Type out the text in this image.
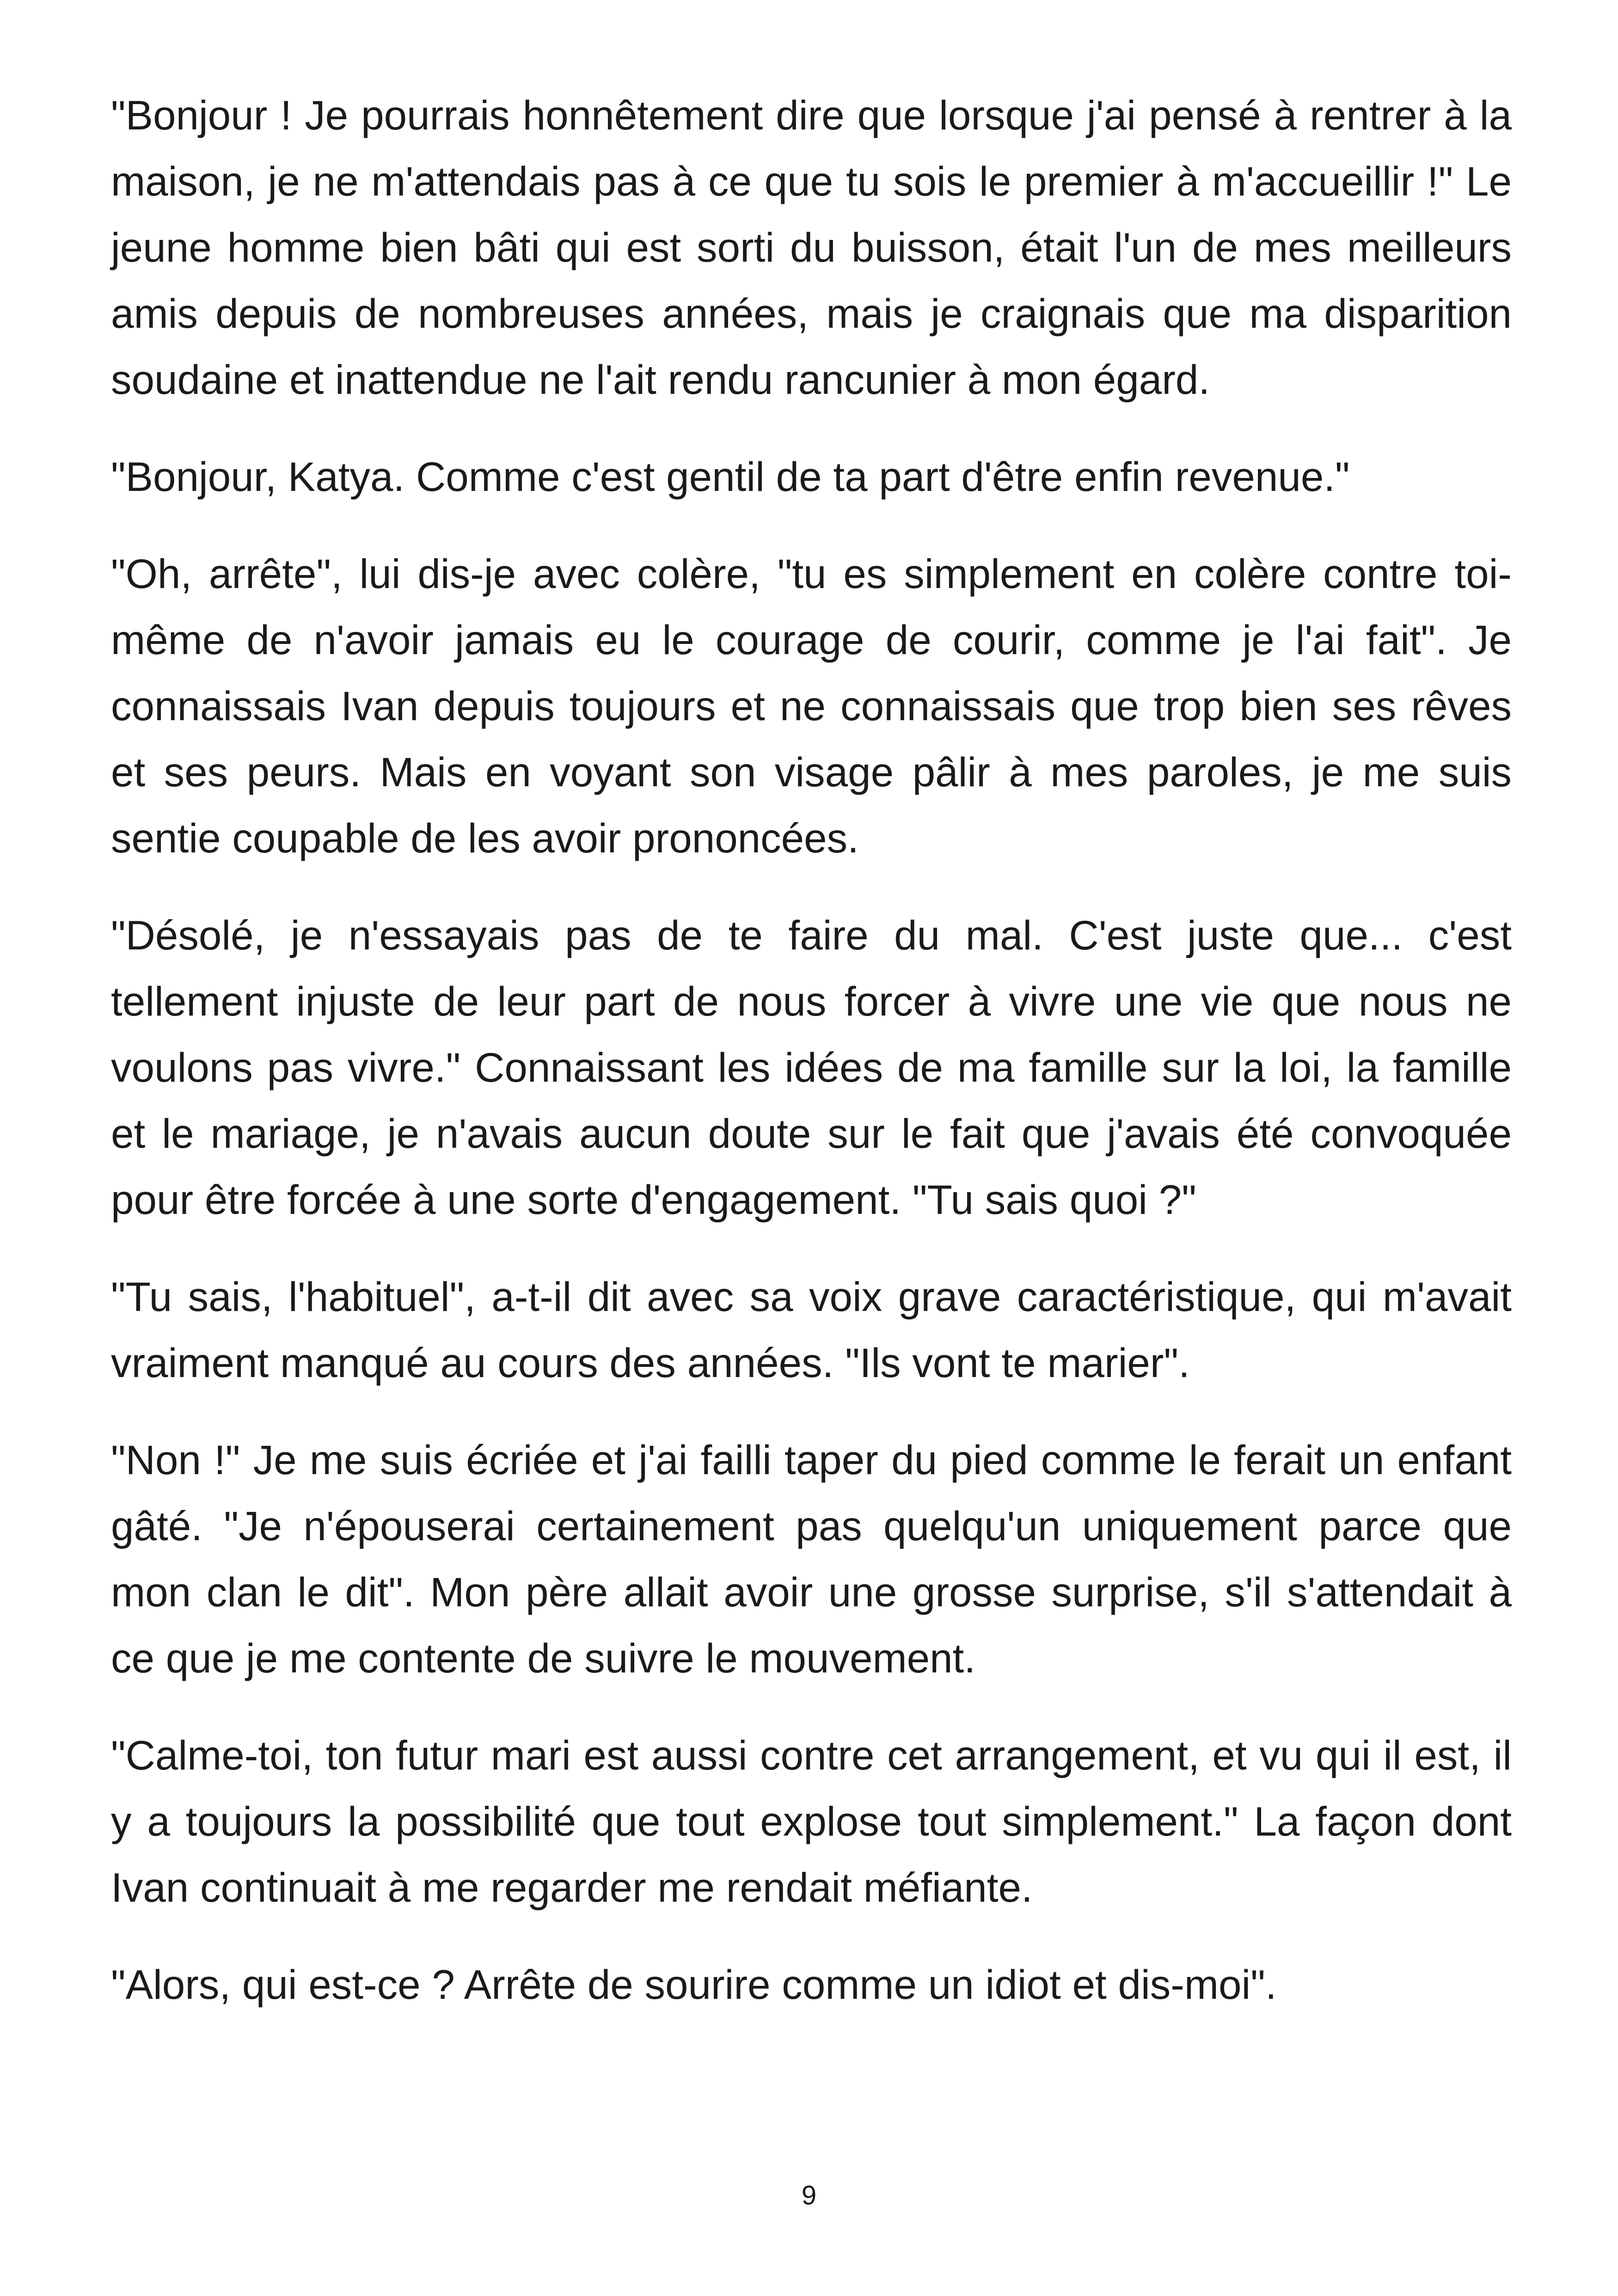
"Bonjour ! Je pourrais honnêtement dire que lorsque j'ai pensé à rentrer à la maison, je ne m'attendais pas à ce que tu sois le premier à m'accueillir !" Le jeune homme bien bâti qui est sorti du buisson, était l'un de mes meilleurs amis depuis de nombreuses années, mais je craignais que ma disparition soudaine et inattendue ne l'ait rendu rancunier à mon égard.

"Bonjour, Katya. Comme c'est gentil de ta part d'être enfin revenue."

"Oh, arrête", lui dis-je avec colère, "tu es simplement en colère contre toi-même de n'avoir jamais eu le courage de courir, comme je l'ai fait". Je connaissais Ivan depuis toujours et ne connaissais que trop bien ses rêves et ses peurs. Mais en voyant son visage pâlir à mes paroles, je me suis sentie coupable de les avoir prononcées.

"Désolé, je n'essayais pas de te faire du mal. C'est juste que... c'est tellement injuste de leur part de nous forcer à vivre une vie que nous ne voulons pas vivre." Connaissant les idées de ma famille sur la loi, la famille et le mariage, je n'avais aucun doute sur le fait que j'avais été convoquée pour être forcée à une sorte d'engagement. "Tu sais quoi ?"

"Tu sais, l'habituel", a-t-il dit avec sa voix grave caractéristique, qui m'avait vraiment manqué au cours des années. "Ils vont te marier".

"Non !" Je me suis écriée et j'ai failli taper du pied comme le ferait un enfant gâté. "Je n'épouserai certainement pas quelqu'un uniquement parce que mon clan le dit". Mon père allait avoir une grosse surprise, s'il s'attendait à ce que je me contente de suivre le mouvement.

"Calme-toi, ton futur mari est aussi contre cet arrangement, et vu qui il est, il y a toujours la possibilité que tout explose tout simplement." La façon dont Ivan continuait à me regarder me rendait méfiante.

"Alors, qui est-ce ? Arrête de sourire comme un idiot et dis-moi".

9
